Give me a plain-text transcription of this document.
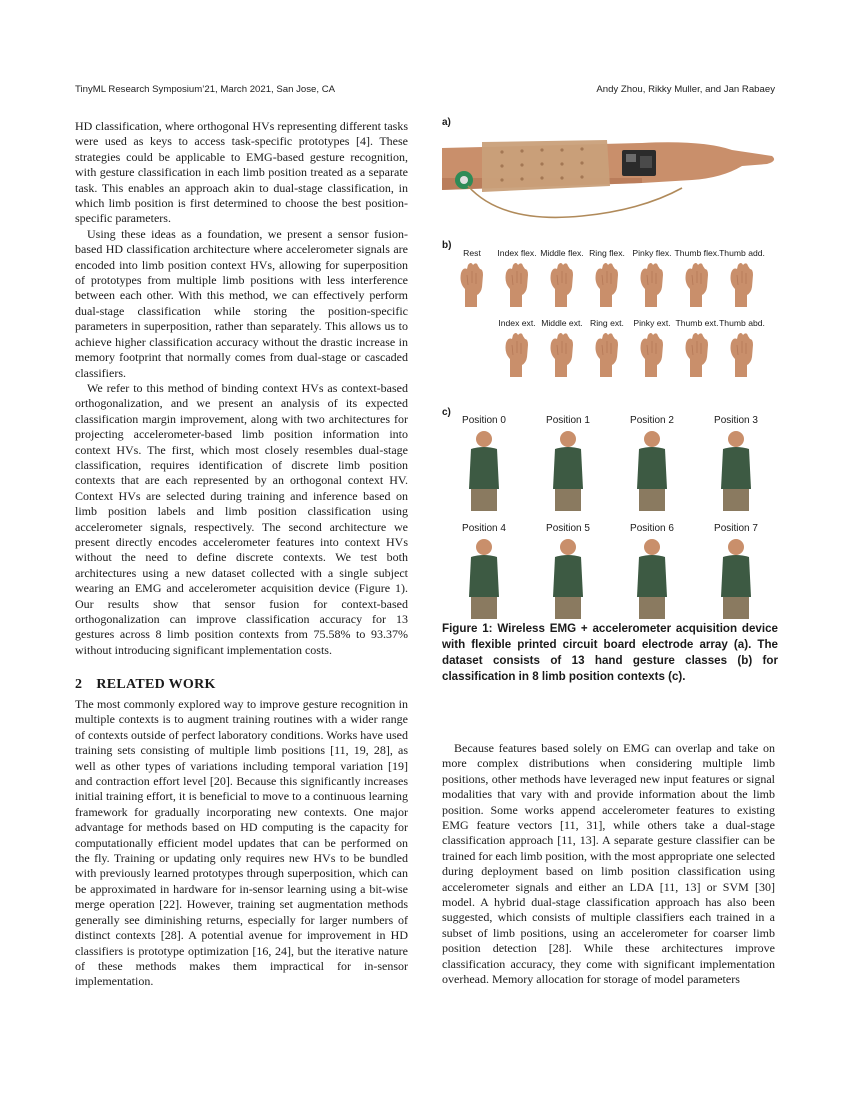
TinyML Research Symposium’21, March 2021, San Jose, CA	Andy Zhou, Rikky Muller, and Jan Rabaey

HD classification, where orthogonal HVs representing different tasks were used as keys to access task-specific prototypes [4]. These strategies could be applicable to EMG-based gesture recognition, with gesture classification in each limb position treated as a separate task. This enables an approach akin to dual-stage classification, in which limb position is first determined to choose the best position-specific parameters.

Using these ideas as a foundation, we present a sensor fusion-based HD classification architecture where accelerometer signals are encoded into limb position context HVs, allowing for superposition of prototypes from multiple limb positions with less interference between each other. With this method, we can effectively perform dual-stage classification while storing the position-specific parameters in superposition, rather than separately. This allows us to achieve higher classification accuracy without the drastic increase in memory footprint that normally comes from dual-stage or cascaded classifiers.

We refer to this method of binding context HVs as context-based orthogonalization, and we present an analysis of its expected classification margin improvement, along with two architectures for projecting accelerometer-based limb position information into context HVs. The first, which most closely resembles dual-stage classification, requires identification of discrete limb position contexts that are each represented by an orthogonal context HV. Context HVs are selected during training and inference based on limb position labels and limb position classification using accelerometer signals, respectively. The second architecture we present directly encodes accelerometer features into context HVs without the need to define discrete contexts. We test both architectures using a new dataset collected with a single subject wearing an EMG and accelerometer acquisition device (Figure 1). Our results show that sensor fusion for context-based orthogonalization can improve classification accuracy for 13 gestures across 8 limb position contexts from 75.58% to 93.37% without introducing significant implementation costs.

2 RELATED WORK

The most commonly explored way to improve gesture recognition in multiple contexts is to augment training routines with a wider range of contexts outside of perfect laboratory conditions. Works have used training sets consisting of multiple limb positions [11, 19, 28], as well as other types of variations including temporal variation [19] and contraction effort level [20]. Because this significantly increases initial training effort, it is beneficial to move to a continuous learning framework for gradually incorporating new contexts. One major advantage for methods based on HD computing is the capacity for computationally efficient model updates that can be performed on the fly. Training or updating only requires new HVs to be bundled with previously learned prototypes through superposition, which can be approximated in hardware for in-sensor learning using a bit-wise merge operation [22]. However, training set augmentation methods generally see diminishing returns, especially for larger numbers of distinct contexts [28]. A potential avenue for improvement in HD classifiers is prototype optimization [16, 24], but the iterative nature of these methods makes them impractical for in-sensor implementation.

a)
b)
Rest	Index flex. Middle flex. Ring flex. Pinky flex. Thumb flex. Thumb add.
Index ext. Middle ext. Ring ext.	Pinky ext. Thumb ext. Thumb abd.
c)
Position 0	Position 1	Position 2	Position 3
Position 4	Position 5	Position 6	Position 7
Figure 1: Wireless EMG + accelerometer acquisition device with flexible printed circuit board electrode array (a). The dataset consists of 13 hand gesture classes (b) for classification in 8 limb position contexts (c).

Because features based solely on EMG can overlap and take on more complex distributions when considering multiple limb positions, other methods have leveraged new input features or signal modalities that vary with and provide information about the limb position. Some works append accelerometer features to existing EMG feature vectors [11, 31], while others take a dual-stage classification approach [11, 13]. A separate gesture classifier can be trained for each limb position, with the most appropriate one selected during deployment based on limb position classification using accelerometer signals and either an LDA [11, 13] or SVM [30] model. A hybrid dual-stage classification approach has also been suggested, which consists of multiple classifiers each trained in a subset of limb positions, using an accelerometer for coarser limb position detection [28]. While these architectures improve classification accuracy, they come with significant implementation overhead. Memory allocation for storage of model parameters
